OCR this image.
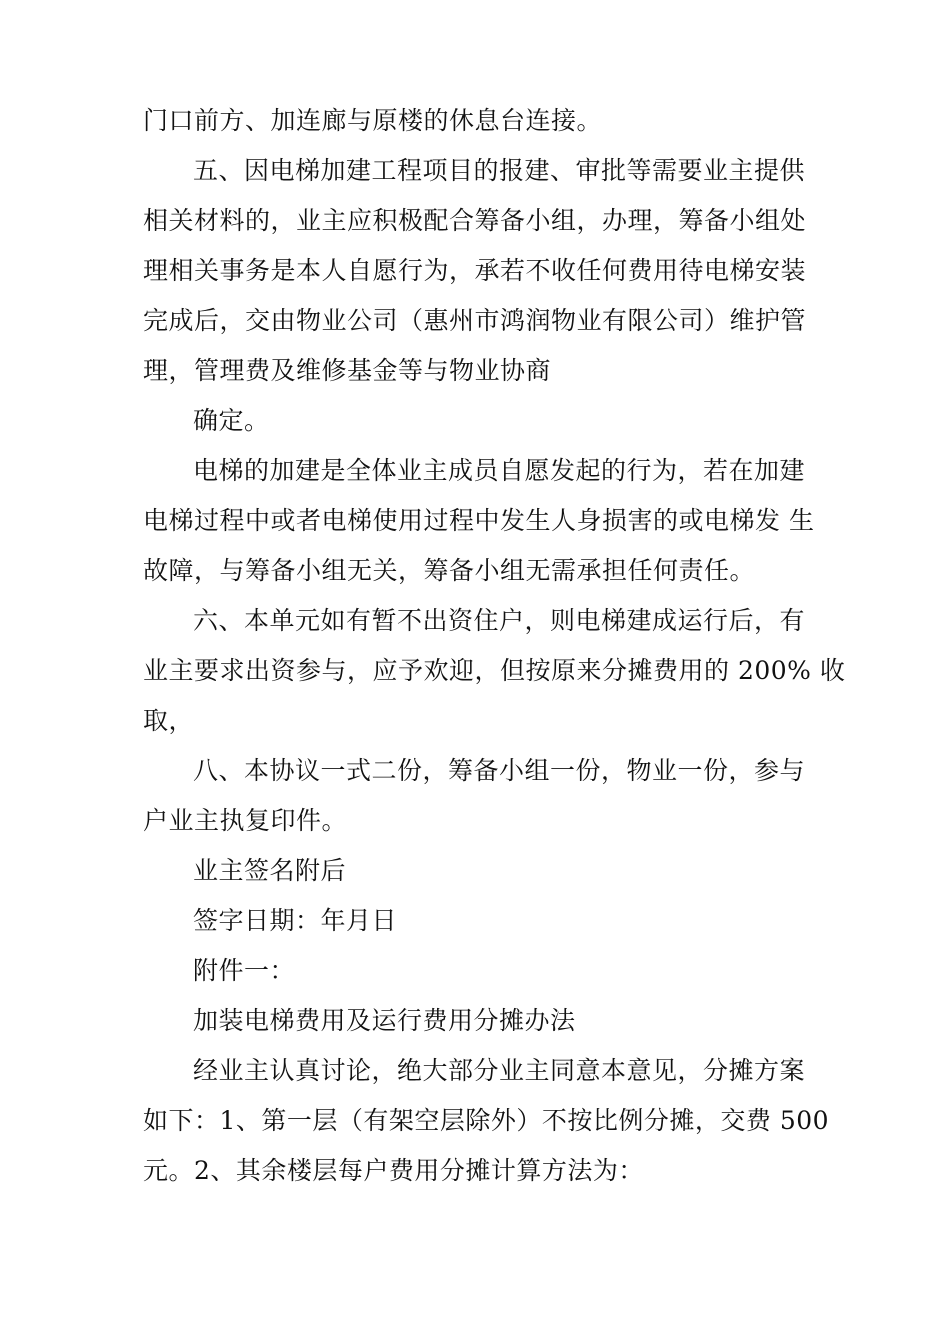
门口前方、加连廊与原楼的休息台连接。
五、因电梯加建工程项目的报建、审批等需要业主提供
相关材料的，业主应积极配合筹备小组，办理，筹备小组处
理相关事务是本人自愿行为，承若不收任何费用待电梯安装
完成后，交由物业公司（惠州市鸿润物业有限公司）维护管
理，管理费及维修基金等与物业协商
确定。
电梯的加建是全体业主成员自愿发起的行为，若在加建
电梯过程中或者电梯使用过程中发生人身损害的或电梯发 生
故障，与筹备小组无关，筹备小组无需承担任何责任。
六、本单元如有暂不出资住户，则电梯建成运行后，有
业主要求出资参与，应予欢迎，但按原来分摊费用的 200% 收
取，
八、本协议一式二份，筹备小组一份，物业一份，参与
户业主执复印件。
业主签名附后
签字日期：年月日
附件一：
加装电梯费用及运行费用分摊办法
经业主认真讨论，绝大部分业主同意本意见，分摊方案
如下：1、第一层（有架空层除外）不按比例分摊，交费 500
元。2、其余楼层每户费用分摊计算方法为：
